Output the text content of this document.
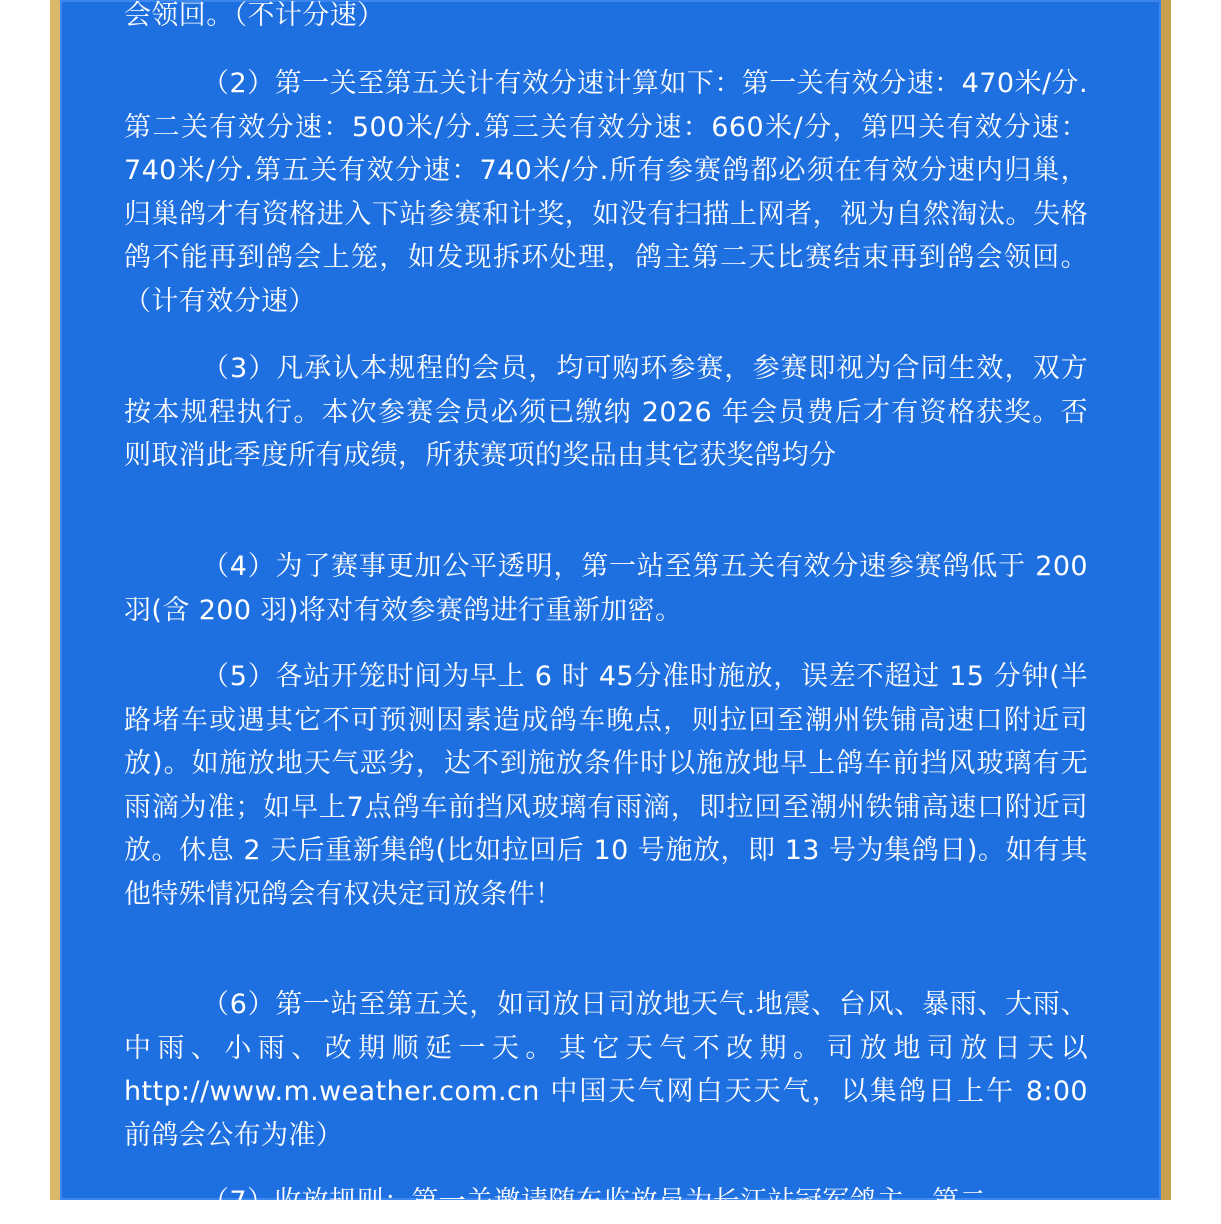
会领回。（不计分速）

（2）第一关至第五关计有效分速计算如下：第一关有效分速：470米/分.第二关有效分速：500米/分.第三关有效分速：660米/分，第四关有效分速：740米/分.第五关有效分速：740米/分.所有参赛鸽都必须在有效分速内归巢，归巢鸽才有资格进入下站参赛和计奖，如没有扫描上网者，视为自然淘汰。失格鸽不能再到鸽会上笼，如发现拆环处理，鸽主第二天比赛结束再到鸽会领回。（计有效分速）

（3）凡承认本规程的会员，均可购环参赛，参赛即视为合同生效，双方按本规程执行。本次参赛会员必须已缴纳 2026 年会员费后才有资格获奖。否则取消此季度所有成绩，所获赛项的奖品由其它获奖鸽均分

（4）为了赛事更加公平透明，第一站至第五关有效分速参赛鸽低于 200 羽(含 200 羽)将对有效参赛鸽进行重新加密。

（5）各站开笼时间为早上 6 时 45分准时施放，误差不超过 15 分钟(半路堵车或遇其它不可预测因素造成鸽车晚点，则拉回至潮州铁铺高速口附近司放)。如施放地天气恶劣，达不到施放条件时以施放地早上鸽车前挡风玻璃有无雨滴为准；如早上7点鸽车前挡风玻璃有雨滴，即拉回至潮州铁铺高速口附近司放。休息 2 天后重新集鸽(比如拉回后 10 号施放，即 13 号为集鸽日)。如有其他特殊情况鸽会有权决定司放条件！

（6）第一站至第五关，如司放日司放地天气.地震、台风、暴雨、大雨、中雨、小雨、改期顺延一天。其它天气不改期。司放地司放日天以http://www.m.weather.com.cn 中国天气网白天天气，以集鸽日上午 8:00 前鸽会公布为准）

（7）收放规则：第一关邀请随车监放员为长江站冠军鸽主，第二
